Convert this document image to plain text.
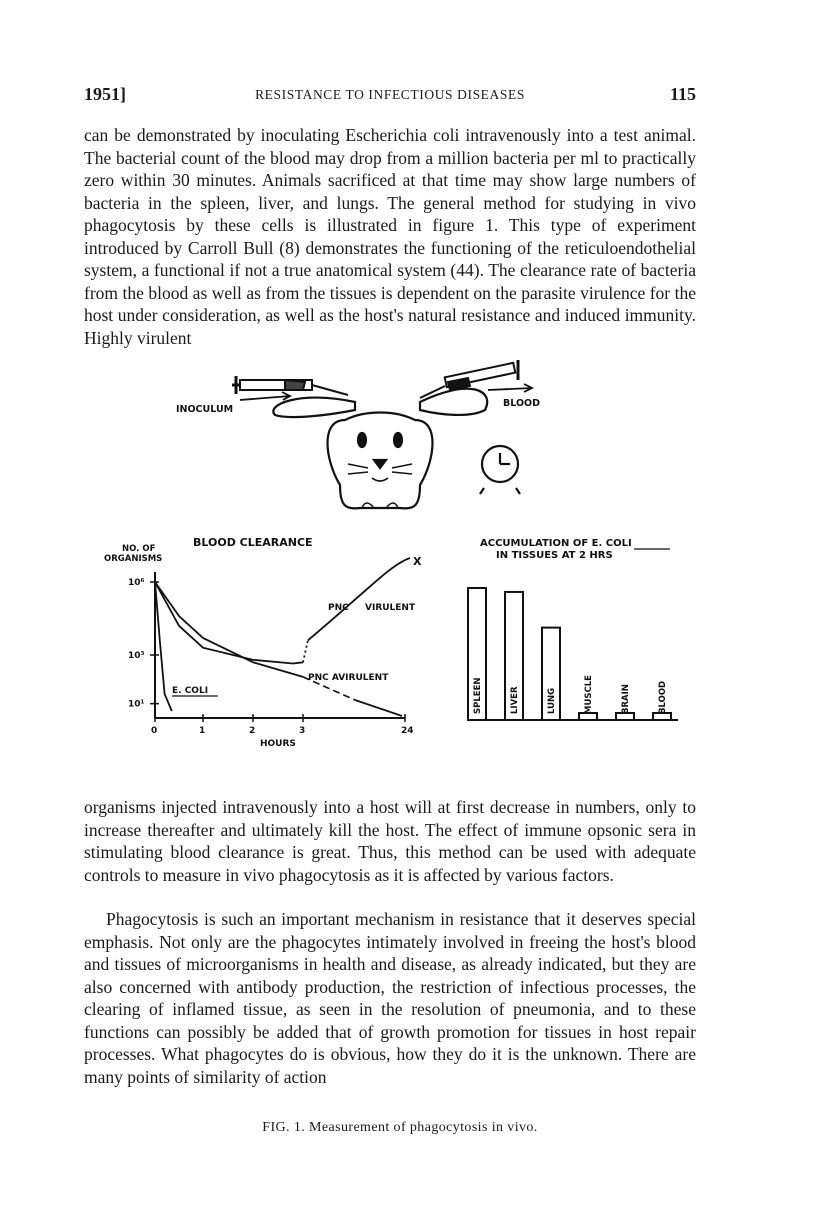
1951]	RESISTANCE TO INFECTIOUS DISEASES	115

can be demonstrated by inoculating Escherichia coli intravenously into a test animal. The bacterial count of the blood may drop from a million bacteria per ml to practically zero within 30 minutes. Animals sacrificed at that time may show large numbers of bacteria in the spleen, liver, and lungs. The general method for studying in vivo phagocytosis by these cells is illustrated in figure 1. This type of experiment introduced by Carroll Bull (8) demonstrates the functioning of the reticuloendothelial system, a functional if not a true anatomical system (44). The clearance rate of bacteria from the blood as well as from the tissues is dependent on the parasite virulence for the host under consideration, as well as the host's natural resistance and induced immunity. Highly virulent

INOCULUM
BLOOD
BLOOD CLEARANCE
NO. OF
ORGANISMS
HOURS
10⁶
10³
10¹
0	1	2	3	24
E. COLI
X
PNC VIRULENT
PNC AVIRULENT
ACCUMULATION OF E. COLI
IN TISSUES AT 2 HRS
SPLEEN	LIVER	LUNG	MUSCLE	BRAIN	BLOOD
FIG. 1. Measurement of phagocytosis in vivo.

organisms injected intravenously into a host will at first decrease in numbers, only to increase thereafter and ultimately kill the host. The effect of immune opsonic sera in stimulating blood clearance is great. Thus, this method can be used with adequate controls to measure in vivo phagocytosis as it is affected by various factors.

Phagocytosis is such an important mechanism in resistance that it deserves special emphasis. Not only are the phagocytes intimately involved in freeing the host's blood and tissues of microorganisms in health and disease, as already indicated, but they are also concerned with antibody production, the restriction of infectious processes, the clearing of inflamed tissue, as seen in the resolution of pneumonia, and to these functions can possibly be added that of growth promotion for tissues in host repair processes. What phagocytes do is obvious, how they do it is the unknown. There are many points of similarity of action
